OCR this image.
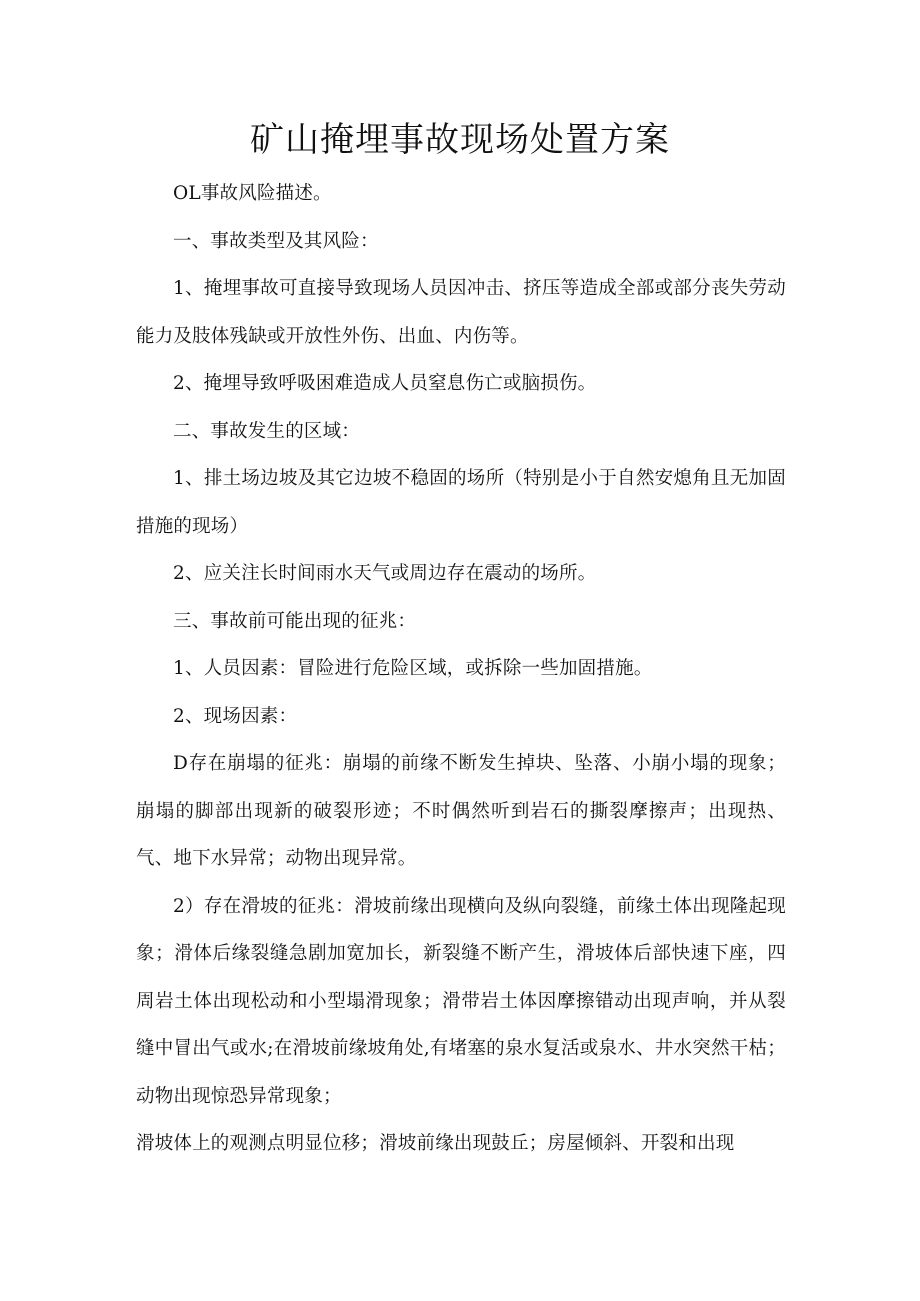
矿山掩埋事故现场处置方案

OL事故风险描述。

一、事故类型及其风险：

1、掩埋事故可直接导致现场人员因冲击、挤压等造成全部或部分丧失劳动能力及肢体残缺或开放性外伤、出血、内伤等。

2、掩埋导致呼吸困难造成人员窒息伤亡或脑损伤。

二、事故发生的区域：

1、排土场边坡及其它边坡不稳固的场所（特别是小于自然安熄角且无加固措施的现场）

2、应关注长时间雨水天气或周边存在震动的场所。

三、事故前可能出现的征兆：

1、人员因素：冒险进行危险区域，或拆除一些加固措施。

2、现场因素：

D存在崩塌的征兆：崩塌的前缘不断发生掉块、坠落、小崩小塌的现象；崩塌的脚部出现新的破裂形迹；不时偶然听到岩石的撕裂摩擦声；出现热、气、地下水异常；动物出现异常。

2）存在滑坡的征兆：滑坡前缘出现横向及纵向裂缝，前缘土体出现隆起现象；滑体后缘裂缝急剧加宽加长，新裂缝不断产生，滑坡体后部快速下座，四周岩土体出现松动和小型塌滑现象；滑带岩土体因摩擦错动出现声响，并从裂缝中冒出气或水;在滑坡前缘坡角处,有堵塞的泉水复活或泉水、井水突然干枯；动物出现惊恐异常现象；

滑坡体上的观测点明显位移；滑坡前缘出现鼓丘；房屋倾斜、开裂和出现
